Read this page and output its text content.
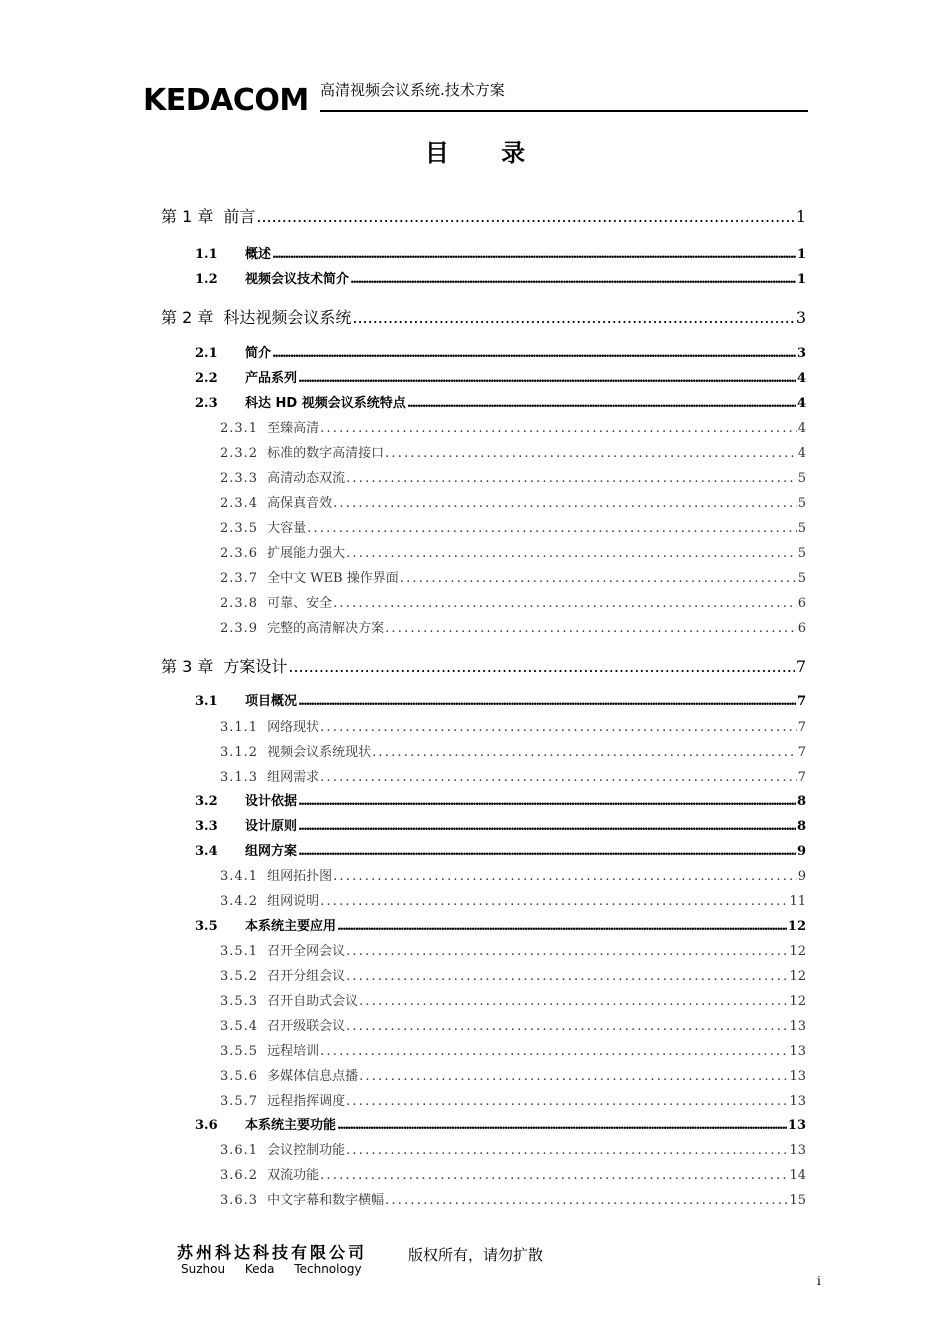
KEDACOM 高清视频会议系统.技术方案
目 录
第 1 章 前言 .....	1
1.1	概述 .....	1
1.2	视频会议技术简介 .....	1
第 2 章 科达视频会议系统 .....	3
2.1	简介 .....	3
2.2	产品系列 .....	4
2.3	科达 HD 视频会议系统特点 .....	4
2.3.1 至臻高清 .....	4
2.3.2 标准的数字高清接口 .....	4
2.3.3 高清动态双流 .....	5
2.3.4 高保真音效 .....	5
2.3.5 大容量 .....	5
2.3.6 扩展能力强大 .....	5
2.3.7 全中文 WEB 操作界面 .....	5
2.3.8 可靠、安全 .....	6
2.3.9 完整的高清解决方案 .....	6
第 3 章 方案设计 .....	7
3.1	项目概况 .....	7
3.1.1 网络现状 .....	7
3.1.2 视频会议系统现状 .....	7
3.1.3 组网需求 .....	7
3.2	设计依据 .....	8
3.3	设计原则 .....	8
3.4	组网方案 .....	9
3.4.1 组网拓扑图 .....	9
3.4.2 组网说明 .....	11
3.5	本系统主要应用 .....	12
3.5.1 召开全网会议 .....	12
3.5.2 召开分组会议 .....	12
3.5.3 召开自助式会议 .....	12
3.5.4 召开级联会议 .....	13
3.5.5 远程培训 .....	13
3.5.6 多媒体信息点播 .....	13
3.5.7 远程指挥调度 .....	13
3.6	本系统主要功能 .....	13
3.6.1 会议控制功能 .....	13
3.6.2 双流功能 .....	14
3.6.3 中文字幕和数字横幅 .....	15
苏州科达科技有限公司
Suzhou Keda Technology
版权所有，请勿扩散
i
